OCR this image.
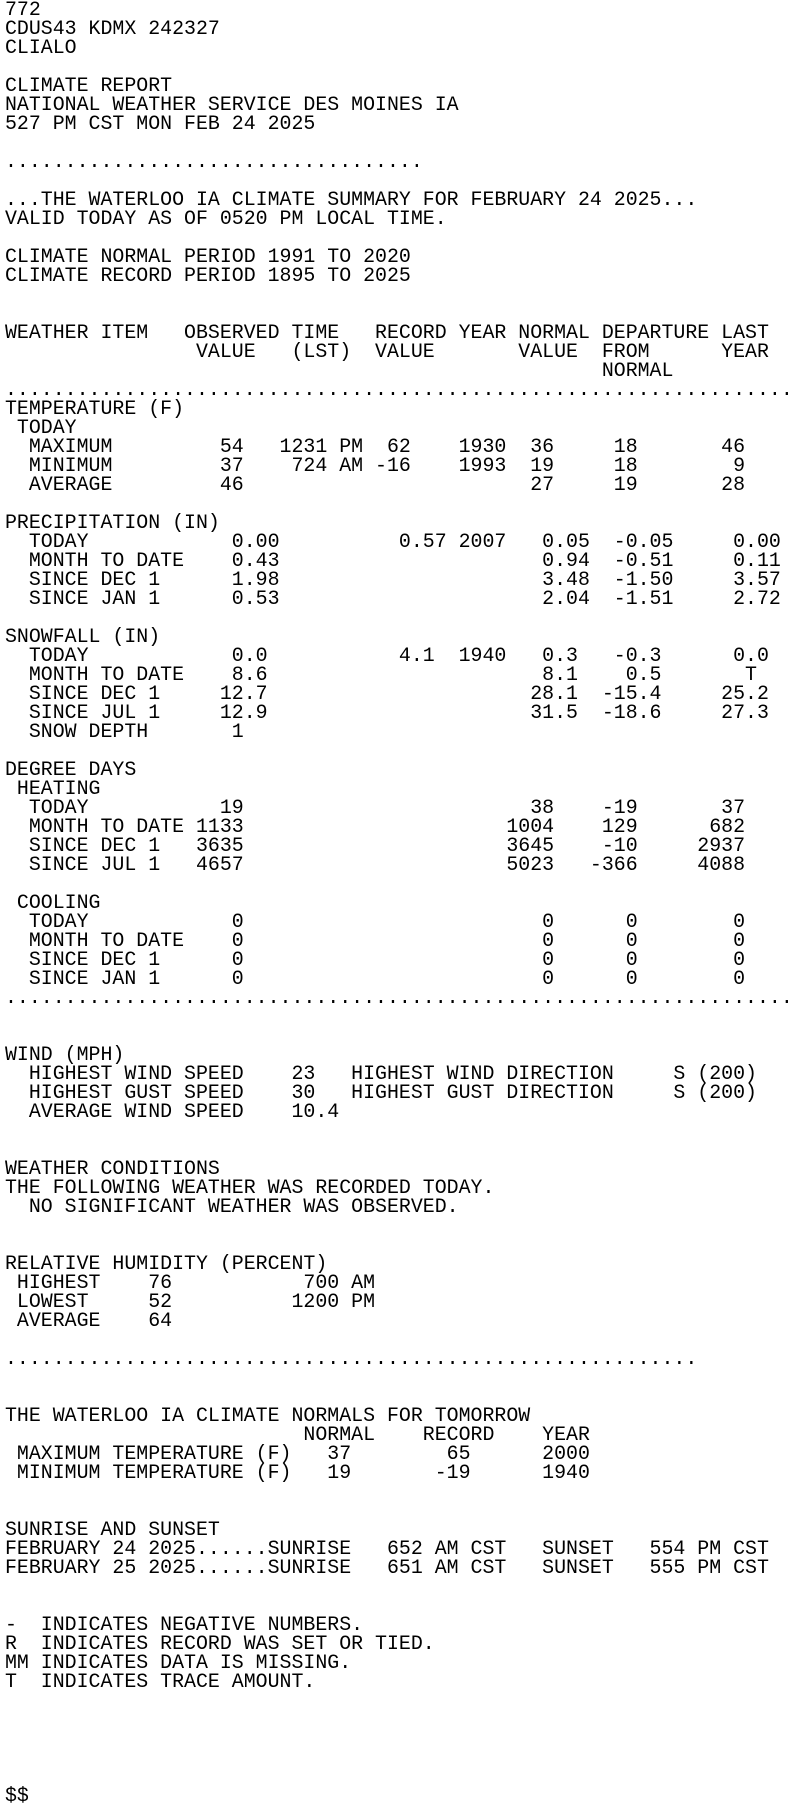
772
CDUS43 KDMX 242327
CLIALO

CLIMATE REPORT
NATIONAL WEATHER SERVICE DES MOINES IA
527 PM CST MON FEB 24 2025

...................................

...THE WATERLOO IA CLIMATE SUMMARY FOR FEBRUARY 24 2025...
VALID TODAY AS OF 0520 PM LOCAL TIME.

CLIMATE NORMAL PERIOD 1991 TO 2020
CLIMATE RECORD PERIOD 1895 TO 2025

WEATHER ITEM   OBSERVED TIME   RECORD YEAR NORMAL DEPARTURE LAST
VALUE   (LST)  VALUE       VALUE  FROM      YEAR
NORMAL
..................................................................
TEMPERATURE (F)
TODAY
MAXIMUM         54   1231 PM  62    1930  36     18       46
MINIMUM         37    724 AM -16    1993  19     18        9
AVERAGE         46                        27     19       28

PRECIPITATION (IN)
TODAY            0.00          0.57 2007   0.05  -0.05     0.00
MONTH TO DATE    0.43                      0.94  -0.51     0.11
SINCE DEC 1      1.98                      3.48  -1.50     3.57
SINCE JAN 1      0.53                      2.04  -1.51     2.72

SNOWFALL (IN)
TODAY            0.0           4.1  1940   0.3   -0.3      0.0
MONTH TO DATE    8.6                       8.1    0.5       T
SINCE DEC 1     12.7                      28.1  -15.4     25.2
SINCE JUL 1     12.9                      31.5  -18.6     27.3
SNOW DEPTH       1

DEGREE DAYS
HEATING
TODAY           19                        38    -19       37
MONTH TO DATE 1133                      1004    129      682
SINCE DEC 1   3635                      3645    -10     2937
SINCE JUL 1   4657                      5023   -366     4088

COOLING
TODAY            0                         0      0        0
MONTH TO DATE    0                         0      0        0
SINCE DEC 1      0                         0      0        0
SINCE JAN 1      0                         0      0        0
..................................................................

WIND (MPH)
HIGHEST WIND SPEED    23   HIGHEST WIND DIRECTION     S (200)
HIGHEST GUST SPEED    30   HIGHEST GUST DIRECTION     S (200)
AVERAGE WIND SPEED    10.4

WEATHER CONDITIONS
THE FOLLOWING WEATHER WAS RECORDED TODAY.
NO SIGNIFICANT WEATHER WAS OBSERVED.

RELATIVE HUMIDITY (PERCENT)
HIGHEST    76           700 AM
LOWEST     52          1200 PM
AVERAGE    64

..........................................................

THE WATERLOO IA CLIMATE NORMALS FOR TOMORROW
NORMAL    RECORD    YEAR
MAXIMUM TEMPERATURE (F)   37        65      2000
MINIMUM TEMPERATURE (F)   19       -19      1940

SUNRISE AND SUNSET
FEBRUARY 24 2025......SUNRISE   652 AM CST   SUNSET   554 PM CST
FEBRUARY 25 2025......SUNRISE   651 AM CST   SUNSET   555 PM CST

-  INDICATES NEGATIVE NUMBERS.
R  INDICATES RECORD WAS SET OR TIED.
MM INDICATES DATA IS MISSING.
T  INDICATES TRACE AMOUNT.

$$
